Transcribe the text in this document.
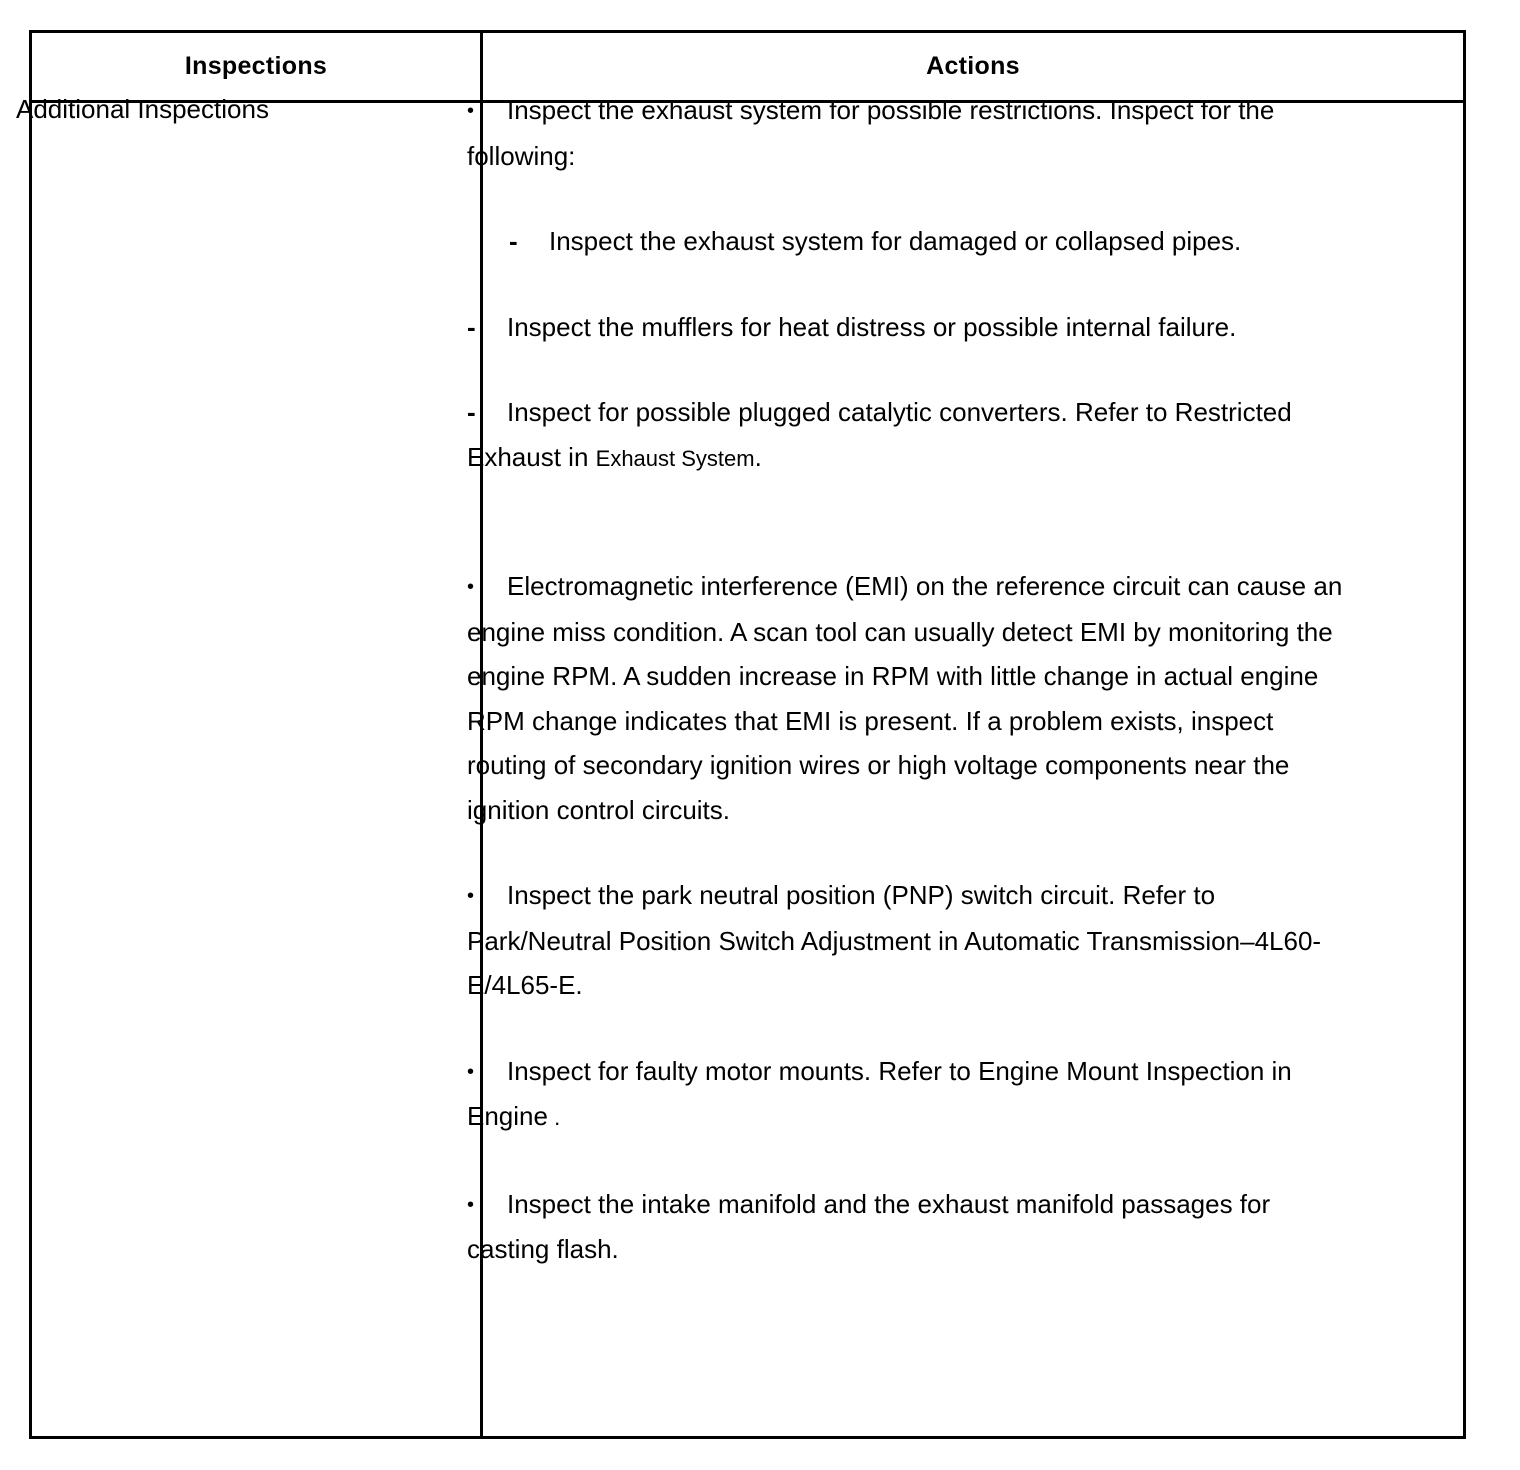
Inspections	Actions
Additional Inspections	• Inspect the exhaust system for possible restrictions. Inspect for the following:

- Inspect the exhaust system for damaged or collapsed pipes.

- Inspect the mufflers for heat distress or possible internal failure.

- Inspect for possible plugged catalytic converters. Refer to Restricted Exhaust in Exhaust System.

• Electromagnetic interference (EMI) on the reference circuit can cause an engine miss condition. A scan tool can usually detect EMI by monitoring the engine RPM. A sudden increase in RPM with little change in actual engine RPM change indicates that EMI is present. If a problem exists, inspect routing of secondary ignition wires or high voltage components near the ignition control circuits.

• Inspect the park neutral position (PNP) switch circuit. Refer to Park/Neutral Position Switch Adjustment in Automatic Transmission–4L60-E/4L65-E.

• Inspect for faulty motor mounts. Refer to Engine Mount Inspection in Engine .

• Inspect the intake manifold and the exhaust manifold passages for casting flash.
